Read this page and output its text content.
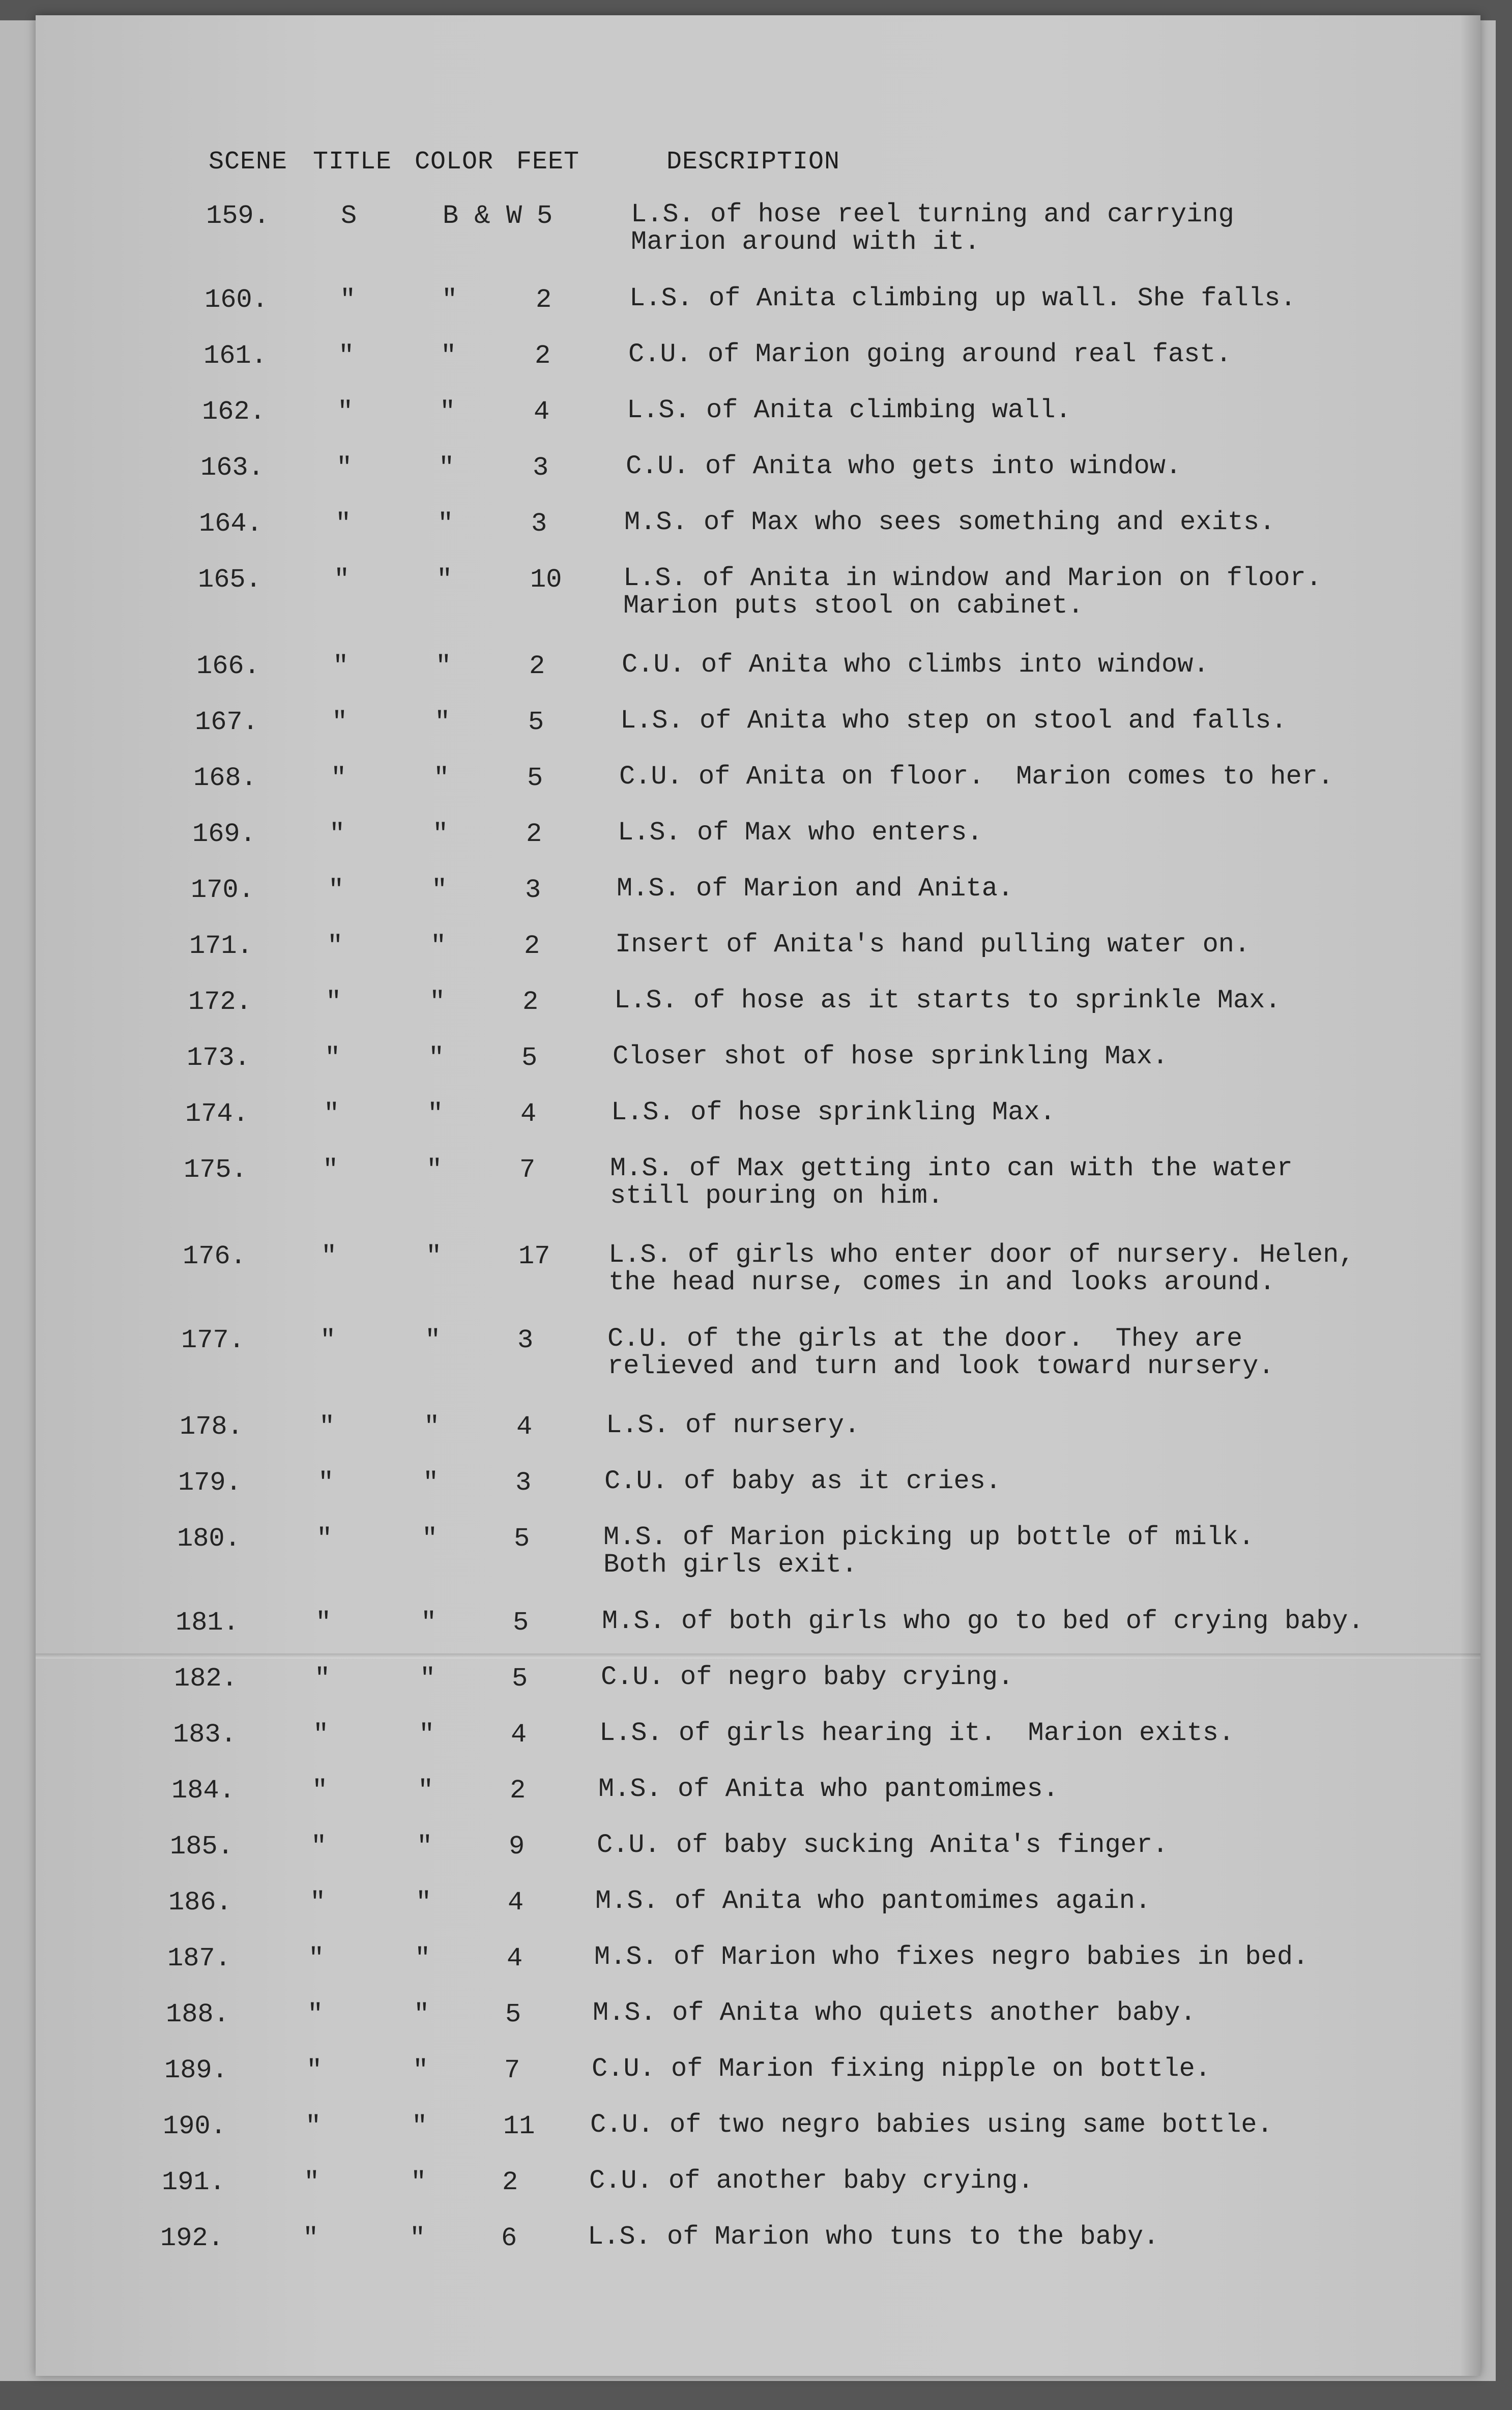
SCENE TITLE COLOR FEET	DESCRIPTION
159.	S	B & W 5	L.S. of hose reel turning and carrying
Marion around with it.
160.	"	"	2	L.S. of Anita climbing up wall. She falls.
161.	"	"	2	C.U. of Marion going around real fast.
162.	"	"	4	L.S. of Anita climbing wall.
163.	"	"	3	C.U. of Anita who gets into window.
164.	"	"	3	M.S. of Max who sees something and exits.
165.	"	"	10 L.S. of Anita in window and Marion on floor.
Marion puts stool on cabinet.
166.	"	"	2	C.U. of Anita who climbs into window.
167.	"	"	5	L.S. of Anita who step on stool and falls.
168.	"	"	5	C.U. of Anita on floor.  Marion comes to her.
169.	"	"	2	L.S. of Max who enters.
170.	"	"	3	M.S. of Marion and Anita.
171.	"	"	2	Insert of Anita's hand pulling water on.
172.	"	"	2	L.S. of hose as it starts to sprinkle Max.
173.	"	"	5	Closer shot of hose sprinkling Max.
174.	"	"	4	L.S. of hose sprinkling Max.
175.	"	"	7	M.S. of Max getting into can with the water
still pouring on him.
176.	"	"	17 L.S. of girls who enter door of nursery. Helen,
the head nurse, comes in and looks around.
177.	"	"	3	C.U. of the girls at the door.  They are
relieved and turn and look toward nursery.
178.	"	"	4	L.S. of nursery.
179.	"	"	3	C.U. of baby as it cries.
180.	"	"	5	M.S. of Marion picking up bottle of milk.
Both girls exit.
181.	"	"	5	M.S. of both girls who go to bed of crying baby.
182.	"	"	5	C.U. of negro baby crying.
183.	"	"	4	L.S. of girls hearing it.  Marion exits.
184.	"	"	2	M.S. of Anita who pantomimes.
185.	"	"	9	C.U. of baby sucking Anita's finger.
186.	"	"	4	M.S. of Anita who pantomimes again.
187.	"	"	4	M.S. of Marion who fixes negro babies in bed.
188.	"	"	5	M.S. of Anita who quiets another baby.
189.	"	"	7	C.U. of Marion fixing nipple on bottle.
190.	"	"	11 C.U. of two negro babies using same bottle.
191.	"	"	2	C.U. of another baby crying.
192.	"	"	6	L.S. of Marion who tuns to the baby.
